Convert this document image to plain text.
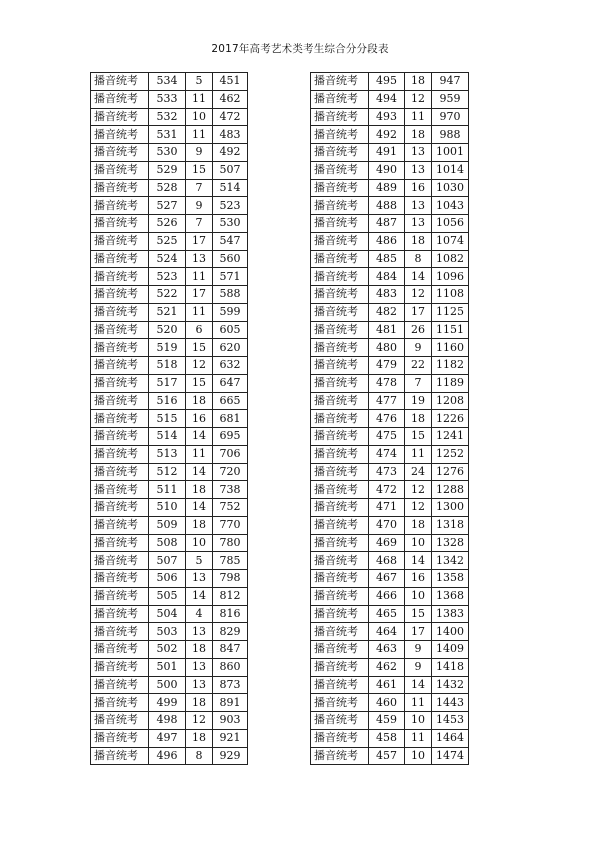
2017年高考艺术类考生综合分分段表
播音统考	534	5	451
播音统考	533	11	462
播音统考	532	10	472
播音统考	531	11	483
播音统考	530	9	492
播音统考	529	15	507
播音统考	528	7	514
播音统考	527	9	523
播音统考	526	7	530
播音统考	525	17	547
播音统考	524	13	560
播音统考	523	11	571
播音统考	522	17	588
播音统考	521	11	599
播音统考	520	6	605
播音统考	519	15	620
播音统考	518	12	632
播音统考	517	15	647
播音统考	516	18	665
播音统考	515	16	681
播音统考	514	14	695
播音统考	513	11	706
播音统考	512	14	720
播音统考	511	18	738
播音统考	510	14	752
播音统考	509	18	770
播音统考	508	10	780
播音统考	507	5	785
播音统考	506	13	798
播音统考	505	14	812
播音统考	504	4	816
播音统考	503	13	829
播音统考	502	18	847
播音统考	501	13	860
播音统考	500	13	873
播音统考	499	18	891
播音统考	498	12	903
播音统考	497	18	921
播音统考	496	8	929
播音统考	495	18	947
播音统考	494	12	959
播音统考	493	11	970
播音统考	492	18	988
播音统考	491	13	1001
播音统考	490	13	1014
播音统考	489	16	1030
播音统考	488	13	1043
播音统考	487	13	1056
播音统考	486	18	1074
播音统考	485	8	1082
播音统考	484	14	1096
播音统考	483	12	1108
播音统考	482	17	1125
播音统考	481	26	1151
播音统考	480	9	1160
播音统考	479	22	1182
播音统考	478	7	1189
播音统考	477	19	1208
播音统考	476	18	1226
播音统考	475	15	1241
播音统考	474	11	1252
播音统考	473	24	1276
播音统考	472	12	1288
播音统考	471	12	1300
播音统考	470	18	1318
播音统考	469	10	1328
播音统考	468	14	1342
播音统考	467	16	1358
播音统考	466	10	1368
播音统考	465	15	1383
播音统考	464	17	1400
播音统考	463	9	1409
播音统考	462	9	1418
播音统考	461	14	1432
播音统考	460	11	1443
播音统考	459	10	1453
播音统考	458	11	1464
播音统考	457	10	1474
